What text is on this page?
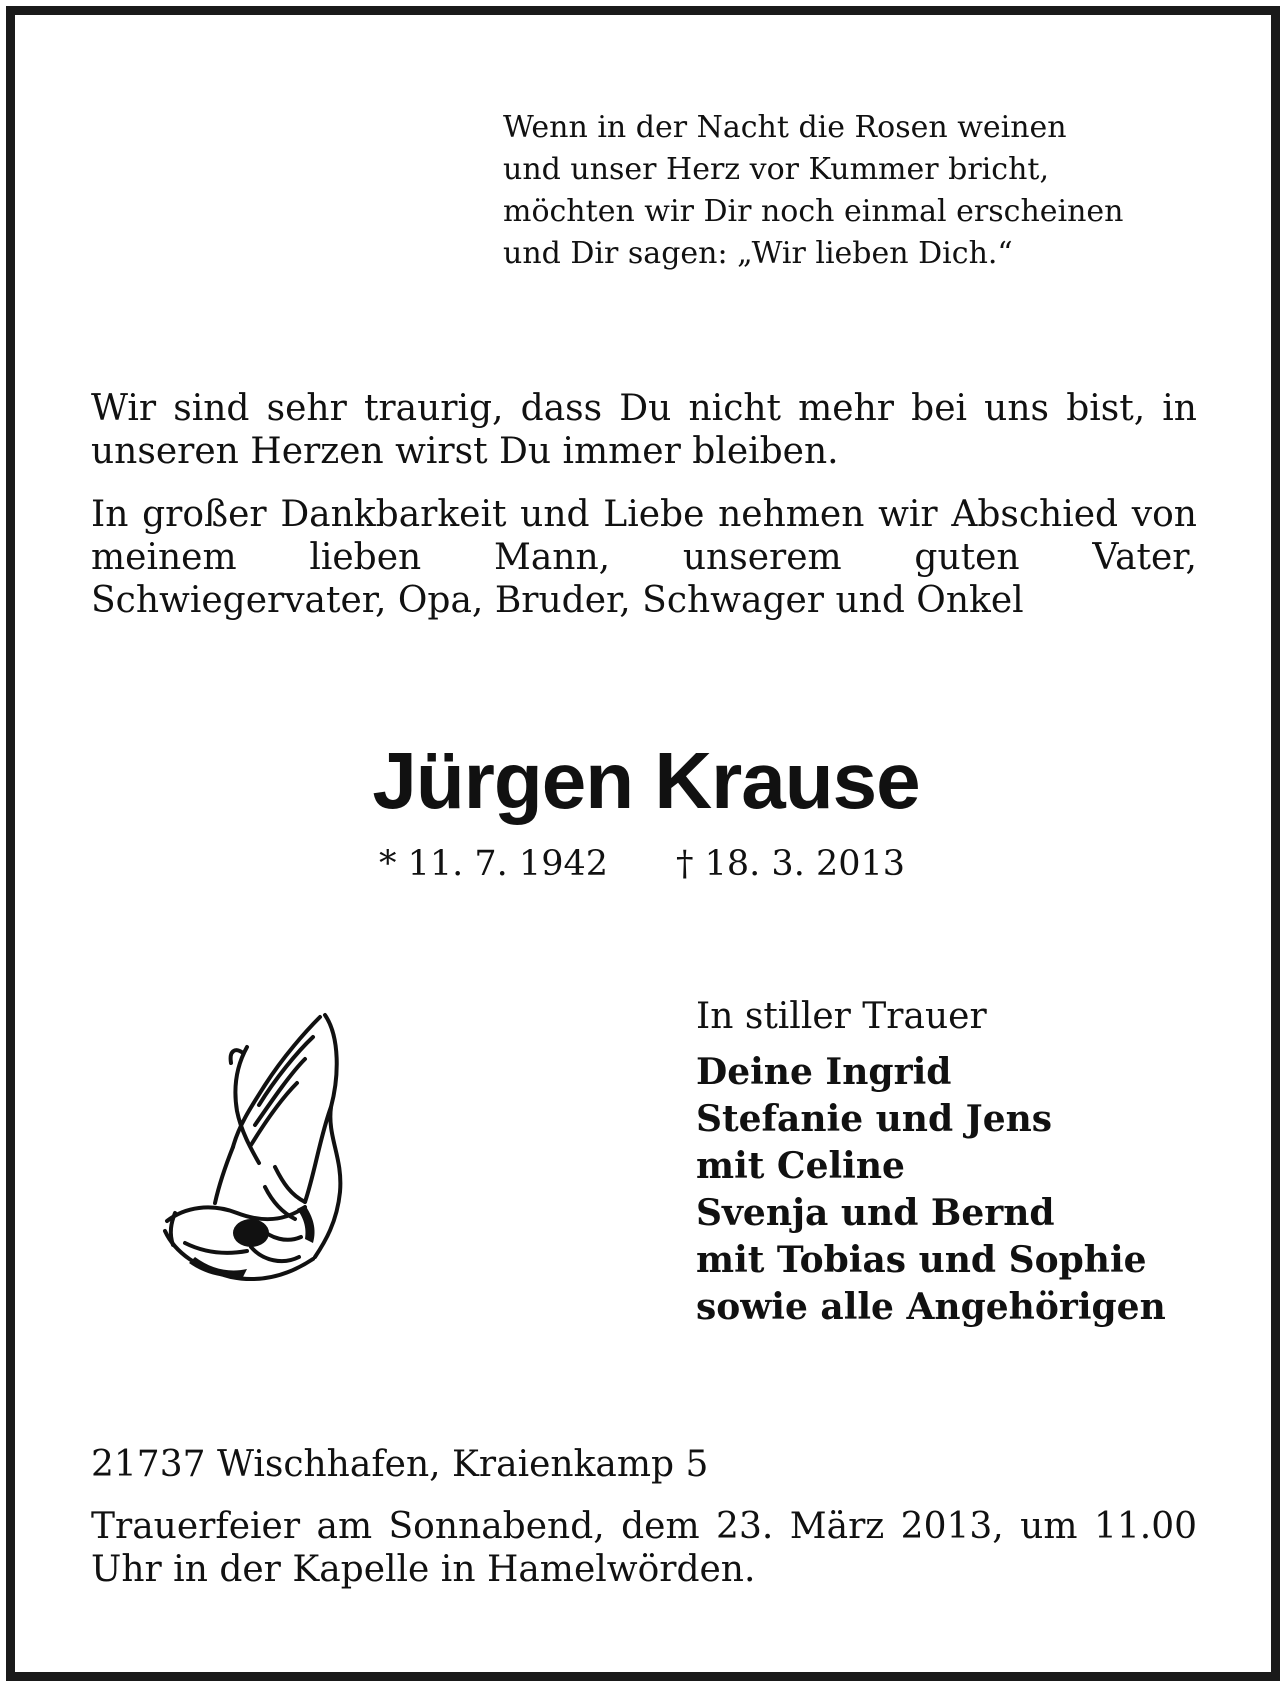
Wenn in der Nacht die Rosen weinen
und unser Herz vor Kummer bricht,
möchten wir Dir noch einmal erscheinen
und Dir sagen: „Wir lieben Dich.“

Wir sind sehr traurig, dass Du nicht mehr bei uns bist, in unseren Herzen wirst Du immer bleiben.

In großer Dankbarkeit und Liebe nehmen wir Abschied von meinem lieben Mann, unserem guten Vater, Schwiegervater, Opa, Bruder, Schwager und Onkel

Jürgen Krause
* 11. 7. 1942 † 18. 3. 2013
In stiller Trauer
Deine Ingrid
Stefanie und Jens
mit Celine
Svenja und Bernd
mit Tobias und Sophie
sowie alle Angehörigen
21737 Wischhafen, Kraienkamp 5

Trauerfeier am Sonnabend, dem 23. März 2013, um 11.00 Uhr in der Kapelle in Hamelwörden.
